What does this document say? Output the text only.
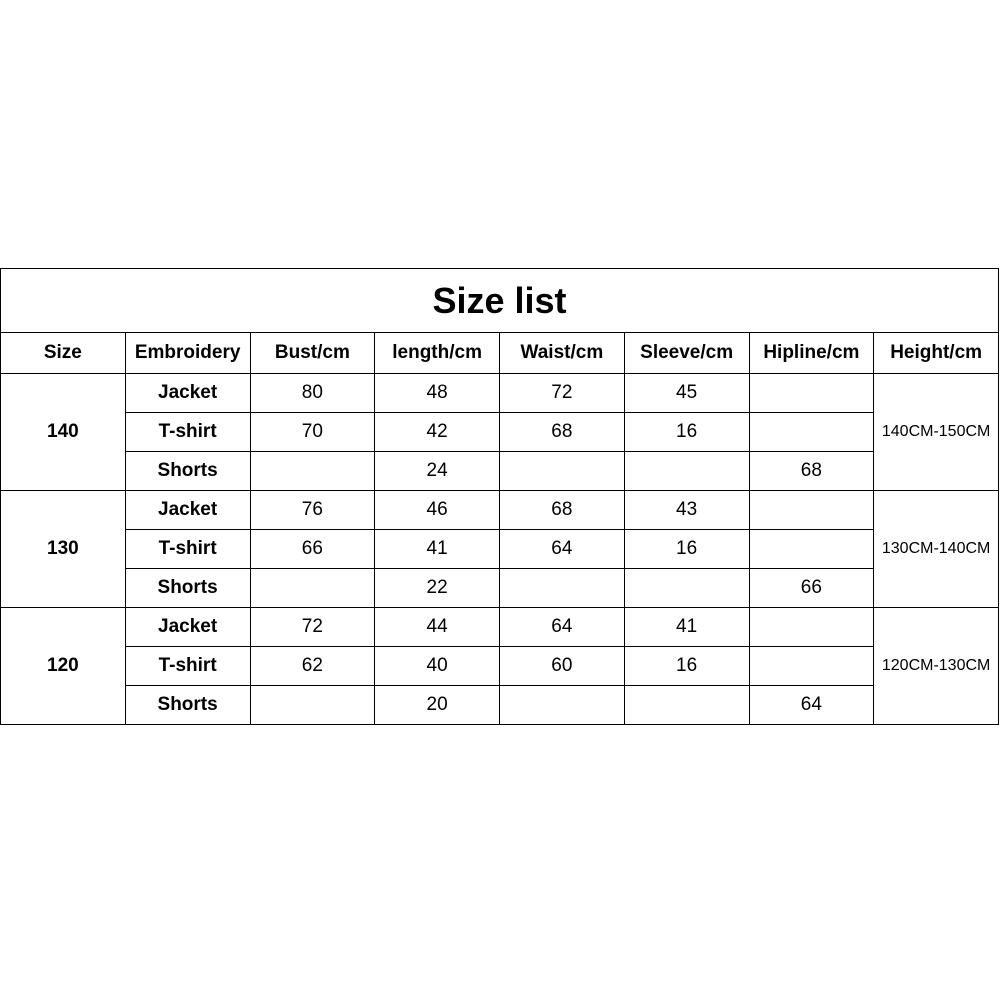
Size list							
Size	Embroidery	Bust/cm	length/cm	Waist/cm	Sleeve/cm	Hipline/cm	Height/cm
140	Jacket	80	48	72	45		140CM-150CM
	T-shirt	70	42	68	16		
	Shorts		24			68	
130	Jacket	76	46	68	43		130CM-140CM
	T-shirt	66	41	64	16		
	Shorts		22			66	
120	Jacket	72	44	64	41		120CM-130CM
	T-shirt	62	40	60	16		
	Shorts		20			64	
